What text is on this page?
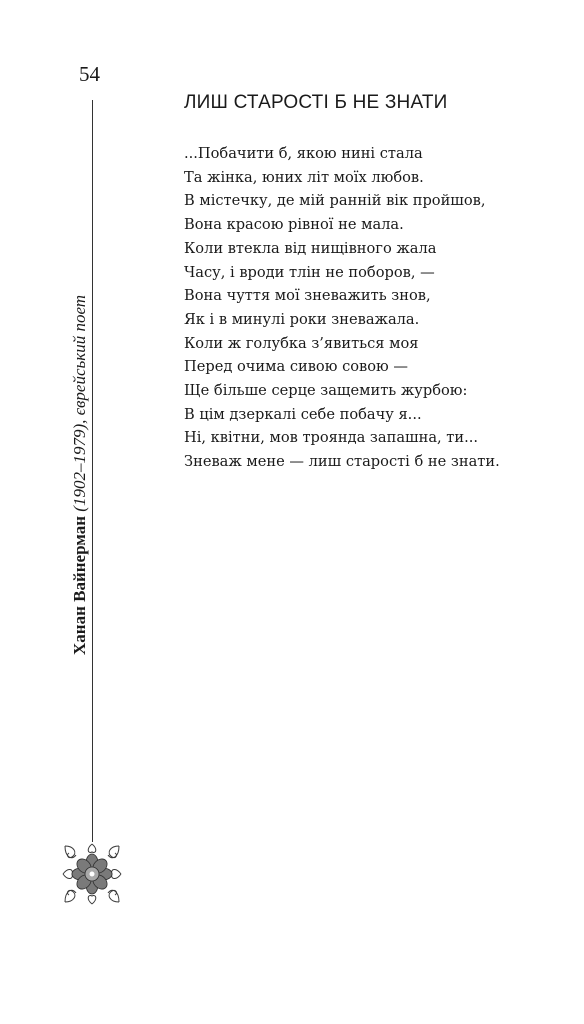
54
Ханан Вайнерман (1902–1979), єврейський поет
ЛИШ СТАРОСТІ Б НЕ ЗНАТИ
...Побачити б, якою нині стала
Та жінка, юних літ моїх любов.
В містечку, де мій ранній вік пройшов,
Вона красою рівної не мала.
Коли втекла від нищівного жала
Часу, і вроди тлін не поборов, —
Вона чуття мої зневажить знов,
Як і в минулі роки зневажала.
Коли ж голубка з’явиться моя
Перед очима сивою совою —
Ще більше серце защемить журбою:
В цім дзеркалі себе побачу я...
Ні, квітни, мов троянда запашна, ти...
Зневаж мене — лиш старості б не знати.
